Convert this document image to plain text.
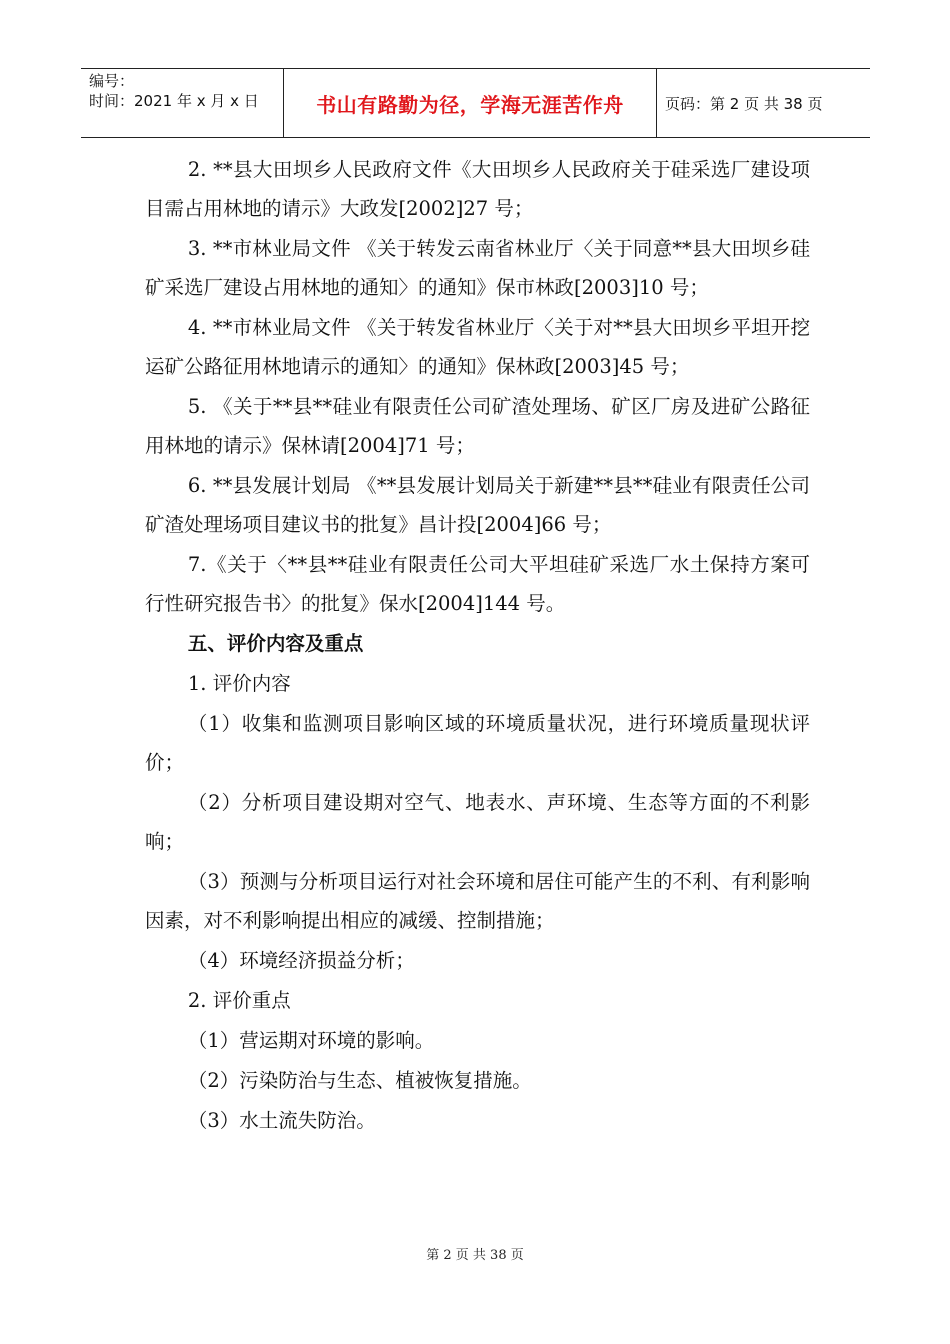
编号：
时间：2021 年 x 月 x 日	书山有路勤为径，学海无涯苦作舟	页码：第 2 页 共 38 页

2. **县大田坝乡人民政府文件《大田坝乡人民政府关于硅采选厂建设项目需占用林地的请示》大政发[2002]27 号；

3. **市林业局文件 《关于转发云南省林业厅〈关于同意**县大田坝乡硅矿采选厂建设占用林地的通知〉的通知》保市林政[2003]10 号；

4. **市林业局文件 《关于转发省林业厅〈关于对**县大田坝乡平坦开挖运矿公路征用林地请示的通知〉的通知》保林政[2003]45 号；

5. 《关于**县**硅业有限责任公司矿渣处理场、矿区厂房及进矿公路征用林地的请示》保林请[2004]71 号；

6. **县发展计划局 《**县发展计划局关于新建**县**硅业有限责任公司矿渣处理场项目建议书的批复》昌计投[2004]66 号；

7.《关于〈**县**硅业有限责任公司大平坦硅矿采选厂水土保持方案可行性研究报告书〉的批复》保水[2004]144 号。

五、评价内容及重点

1. 评价内容

（1）收集和监测项目影响区域的环境质量状况，进行环境质量现状评价；

（2）分析项目建设期对空气、地表水、声环境、生态等方面的不利影响；

（3）预测与分析项目运行对社会环境和居住可能产生的不利、有利影响因素，对不利影响提出相应的减缓、控制措施；

（4）环境经济损益分析；

2. 评价重点

（1）营运期对环境的影响。

（2）污染防治与生态、植被恢复措施。

（3）水土流失防治。

第 2 页 共 38 页
